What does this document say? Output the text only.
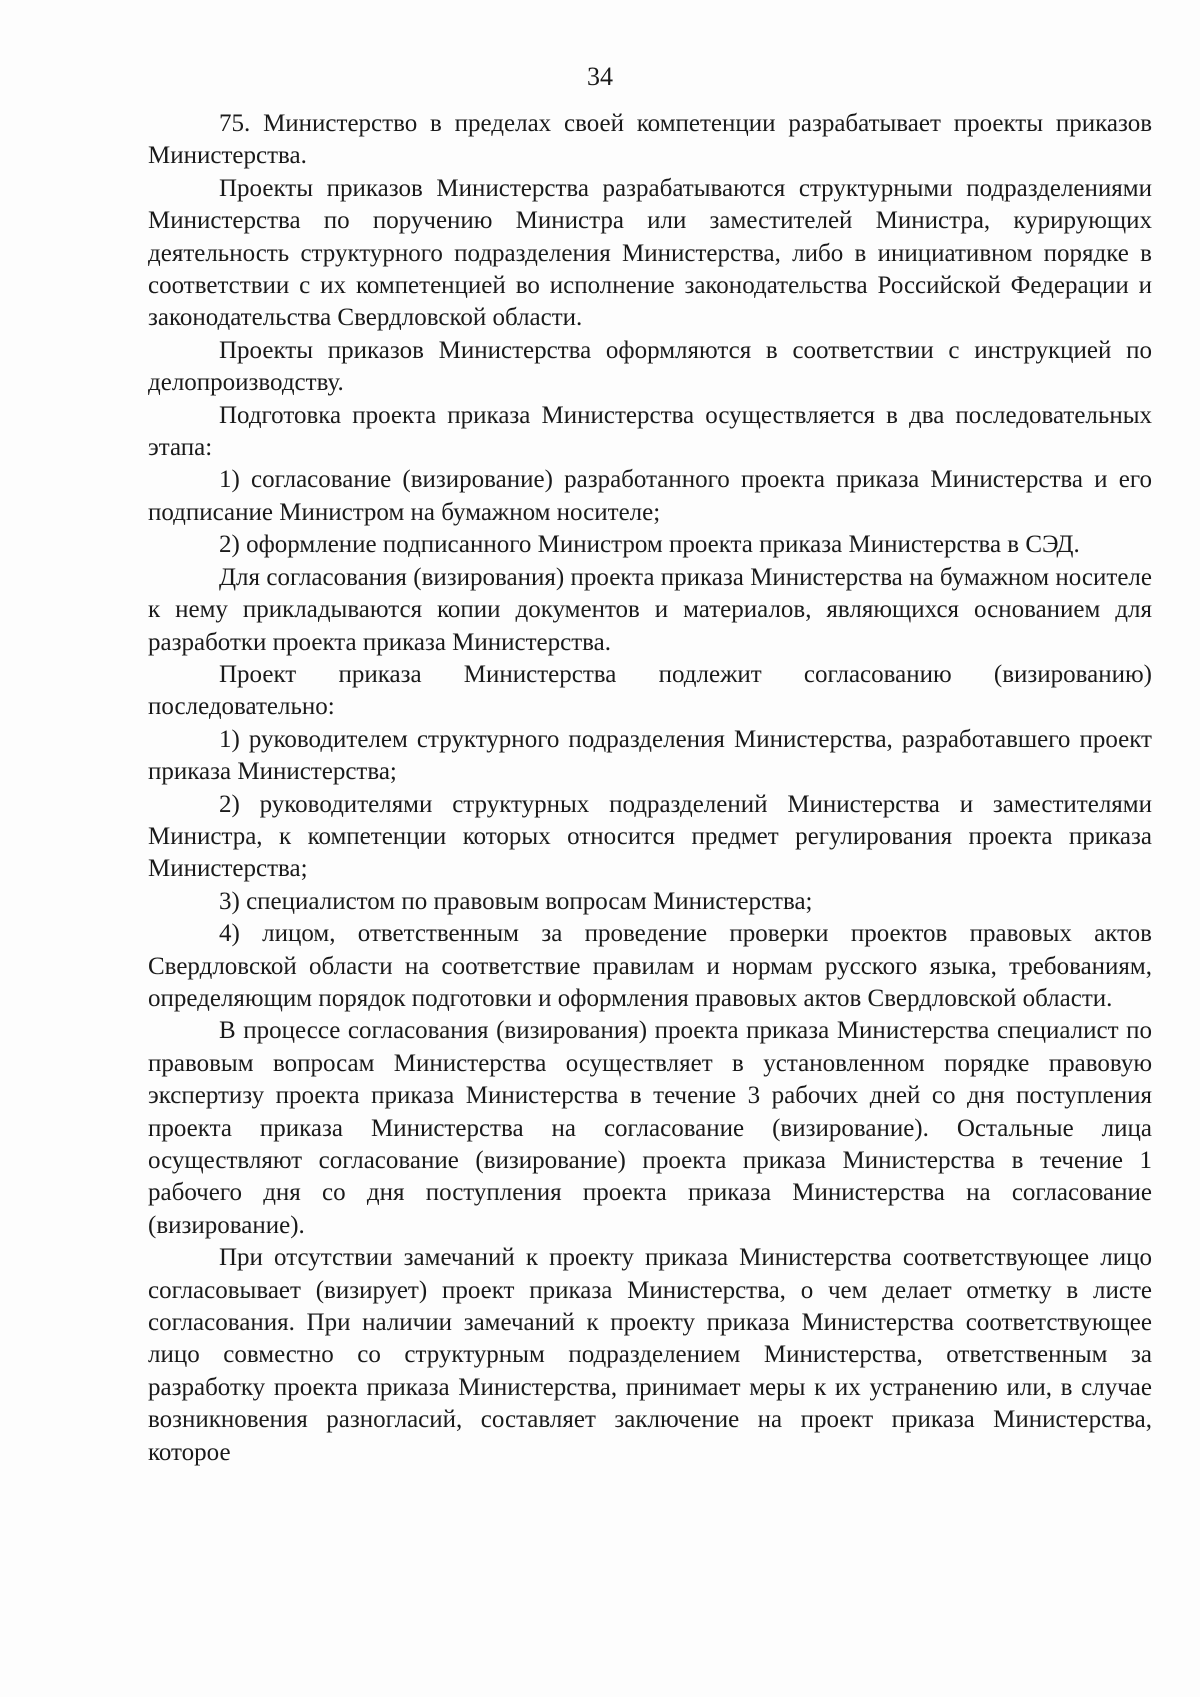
34

75. Министерство в пределах своей компетенции разрабатывает проекты приказов Министерства.

Проекты приказов Министерства разрабатываются структурными подразделениями Министерства по поручению Министра или заместителей Министра, курирующих деятельность структурного подразделения Министерства, либо в инициативном порядке в соответствии с их компетенцией во исполнение законодательства Российской Федерации и законодательства Свердловской области.

Проекты приказов Министерства оформляются в соответствии с инструкцией по делопроизводству.

Подготовка проекта приказа Министерства осуществляется в два последовательных этапа:

1) согласование (визирование) разработанного проекта приказа Министерства и его подписание Министром на бумажном носителе;

2) оформление подписанного Министром проекта приказа Министерства в СЭД.

Для согласования (визирования) проекта приказа Министерства на бумажном носителе к нему прикладываются копии документов и материалов, являющихся основанием для разработки проекта приказа Министерства.

Проект приказа Министерства подлежит согласованию (визированию) последовательно:

1) руководителем структурного подразделения Министерства, разработавшего проект приказа Министерства;

2) руководителями структурных подразделений Министерства и заместителями Министра, к компетенции которых относится предмет регулирования проекта приказа Министерства;

3) специалистом по правовым вопросам Министерства;

4) лицом, ответственным за проведение проверки проектов правовых актов Свердловской области на соответствие правилам и нормам русского языка, требованиям, определяющим порядок подготовки и оформления правовых актов Свердловской области.

В процессе согласования (визирования) проекта приказа Министерства специалист по правовым вопросам Министерства осуществляет в установленном порядке правовую экспертизу проекта приказа Министерства в течение 3 рабочих дней со дня поступления проекта приказа Министерства на согласование (визирование). Остальные лица осуществляют согласование (визирование) проекта приказа Министерства в течение 1 рабочего дня со дня поступления проекта приказа Министерства на согласование (визирование).

При отсутствии замечаний к проекту приказа Министерства соответствующее лицо согласовывает (визирует) проект приказа Министерства, о чем делает отметку в листе согласования. При наличии замечаний к проекту приказа Министерства соответствующее лицо совместно со структурным подразделением Министерства, ответственным за разработку проекта приказа Министерства, принимает меры к их устранению или, в случае возникновения разногласий, составляет заключение на проект приказа Министерства, которое
